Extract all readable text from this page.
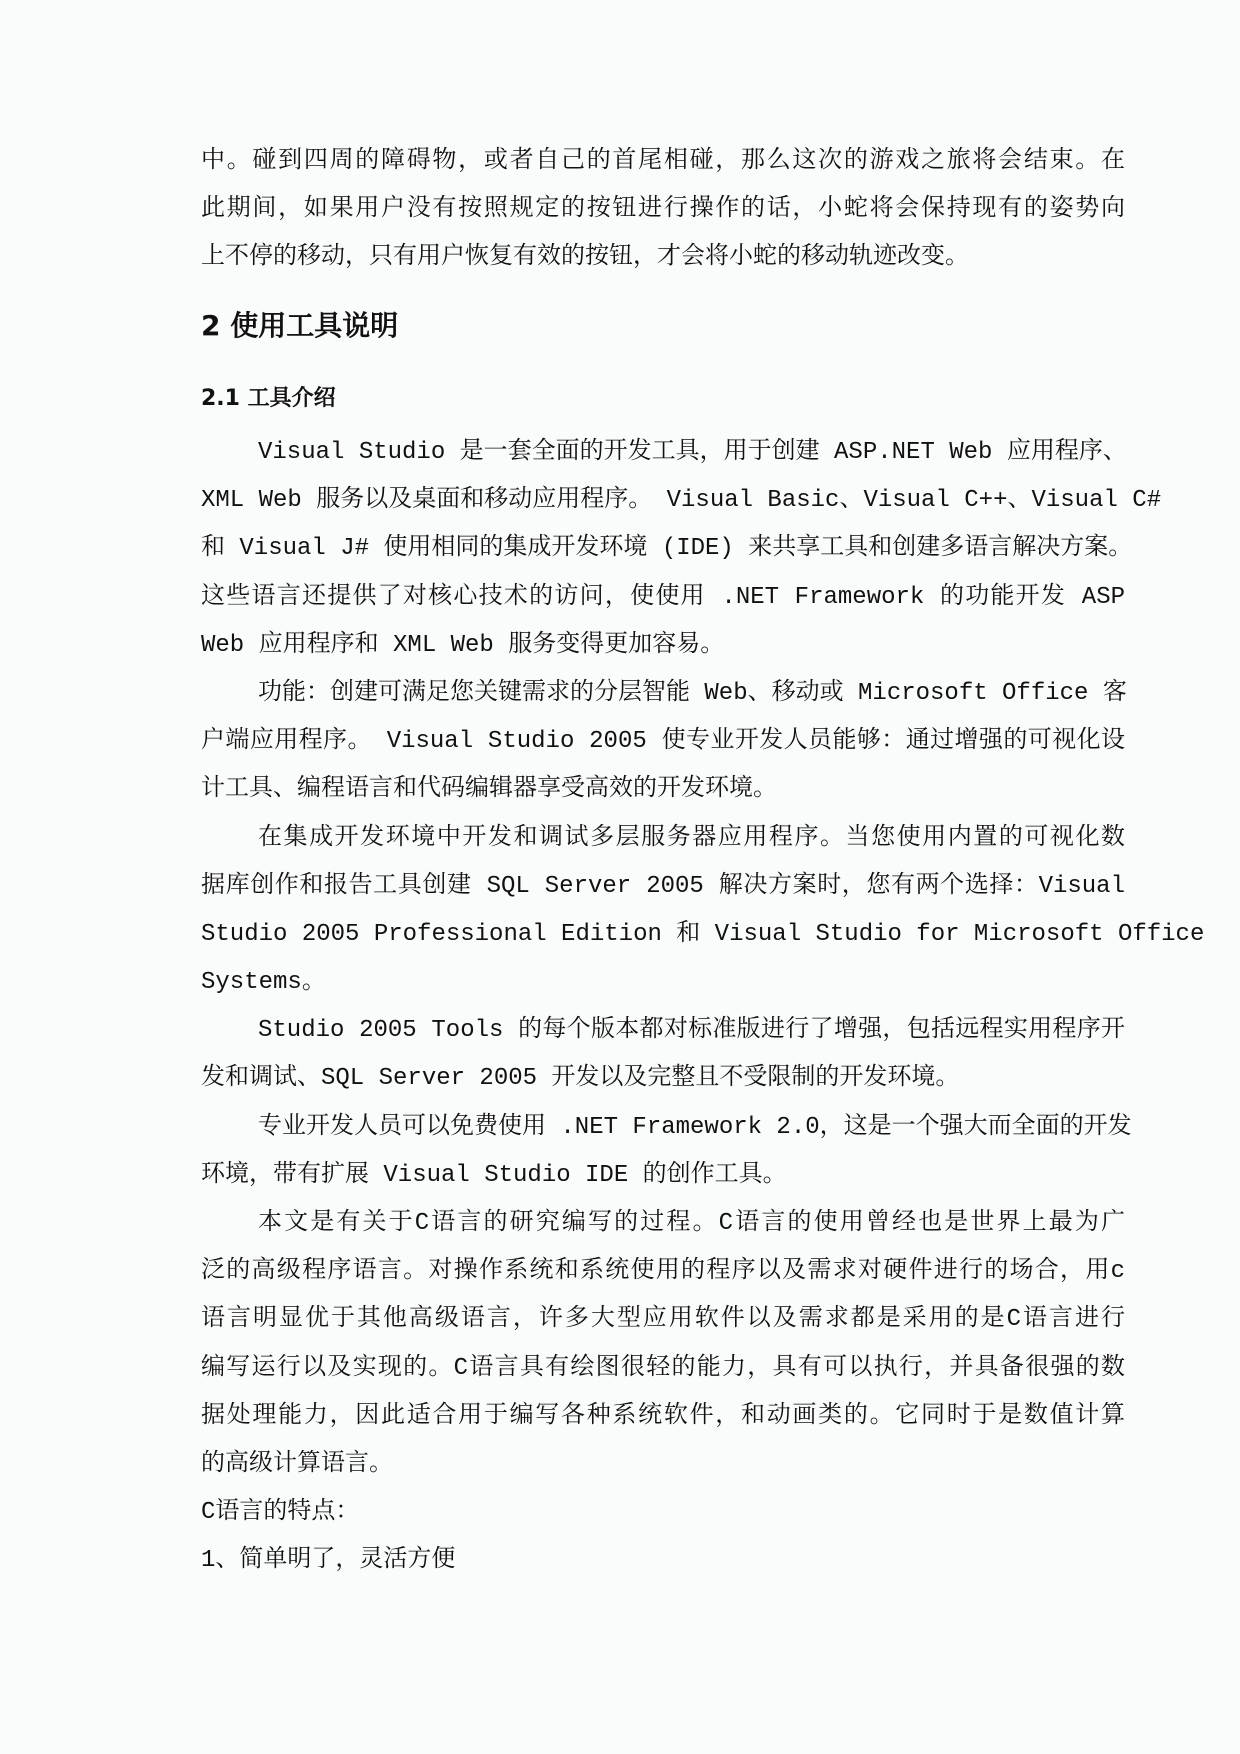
中。碰到四周的障碍物，或者自己的首尾相碰，那么这次的游戏之旅将会结束。在
此期间，如果用户没有按照规定的按钮进行操作的话，小蛇将会保持现有的姿势向
上不停的移动，只有用户恢复有效的按钮，才会将小蛇的移动轨迹改变。
2 使用工具说明
2.1 工具介绍
Visual Studio 是一套全面的开发工具，用于创建 ASP.NET Web 应用程序、
XML Web 服务以及桌面和移动应用程序。 Visual Basic、Visual C++、Visual C#
和 Visual J# 使用相同的集成开发环境 (IDE) 来共享工具和创建多语言解决方案。
这些语言还提供了对核心技术的访问，使使用 .NET Framework 的功能开发 ASP
Web 应用程序和 XML Web 服务变得更加容易。
功能：创建可满足您关键需求的分层智能 Web、移动或 Microsoft Office 客
户端应用程序。 Visual Studio 2005 使专业开发人员能够：通过增强的可视化设
计工具、编程语言和代码编辑器享受高效的开发环境。
在集成开发环境中开发和调试多层服务器应用程序。当您使用内置的可视化数
据库创作和报告工具创建 SQL Server 2005 解决方案时，您有两个选择：Visual
Studio 2005 Professional Edition 和 Visual Studio for Microsoft Office
Systems。
Studio 2005 Tools 的每个版本都对标准版进行了增强，包括远程实用程序开
发和调试、SQL Server 2005 开发以及完整且不受限制的开发环境。
专业开发人员可以免费使用 .NET Framework 2.0，这是一个强大而全面的开发
环境，带有扩展 Visual Studio IDE 的创作工具。
本文是有关于C语言的研究编写的过程。C语言的使用曾经也是世界上最为广
泛的高级程序语言。对操作系统和系统使用的程序以及需求对硬件进行的场合，用c
语言明显优于其他高级语言，许多大型应用软件以及需求都是采用的是C语言进行
编写运行以及实现的。C语言具有绘图很轻的能力，具有可以执行，并具备很强的数
据处理能力，因此适合用于编写各种系统软件，和动画类的。它同时于是数值计算
的高级计算语言。
C语言的特点：
1、简单明了，灵活方便
